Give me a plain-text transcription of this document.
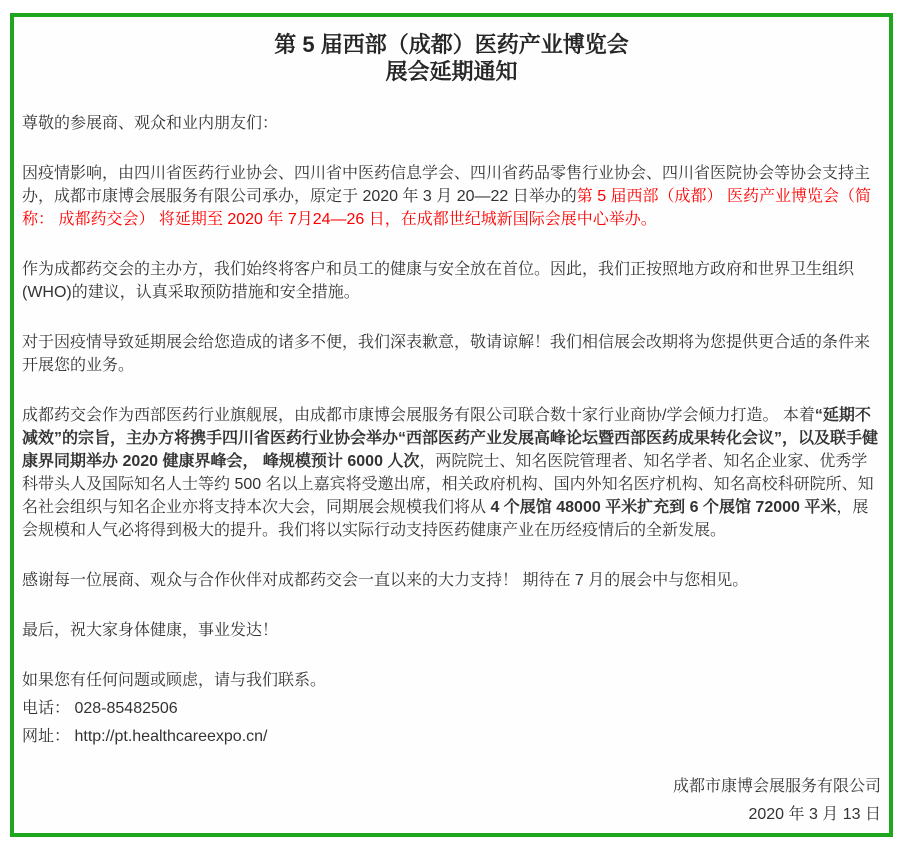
第 5 届西部（成都）医药产业博览会
展会延期通知

尊敬的参展商、观众和业内朋友们：

因疫情影响，由四川省医药行业协会、四川省中医药信息学会、四川省药品零售行业协会、四川省医院协会等协会支持主办，成都市康博会展服务有限公司承办，原定于 2020 年 3 月 20—22 日举办的第 5 届西部（成都） 医药产业博览会（简称： 成都药交会） 将延期至 2020 年 7月24—26 日，在成都世纪城新国际会展中心举办。

作为成都药交会的主办方，我们始终将客户和员工的健康与安全放在首位。因此，我们正按照地方政府和世界卫生组织(WHO)的建议，认真采取预防措施和安全措施。

对于因疫情导致延期展会给您造成的诸多不便，我们深表歉意，敬请谅解！我们相信展会改期将为您提供更合适的条件来开展您的业务。

成都药交会作为西部医药行业旗舰展，由成都市康博会展服务有限公司联合数十家行业商协/学会倾力打造。 本着“延期不减效”的宗旨，主办方将携手四川省医药行业协会举办“西部医药产业发展高峰论坛暨西部医药成果转化会议”，以及联手健康界同期举办 2020 健康界峰会， 峰规模预计 6000 人次，两院院士、知名医院管理者、知名学者、知名企业家、优秀学科带头人及国际知名人士等约 500 名以上嘉宾将受邀出席，相关政府机构、国内外知名医疗机构、知名高校科研院所、知名社会组织与知名企业亦将支持本次大会，同期展会规模我们将从 4 个展馆 48000 平米扩充到 6 个展馆 72000 平米，展会规模和人气必将得到极大的提升。我们将以实际行动支持医药健康产业在历经疫情后的全新发展。

感谢每一位展商、观众与合作伙伴对成都药交会一直以来的大力支持！ 期待在 7 月的展会中与您相见。

最后，祝大家身体健康，事业发达！

如果您有任何问题或顾虑，请与我们联系。

电话： 028-85482506

网址： http://pt.healthcareexpo.cn/

成都市康博会展服务有限公司

2020 年 3 月 13 日
